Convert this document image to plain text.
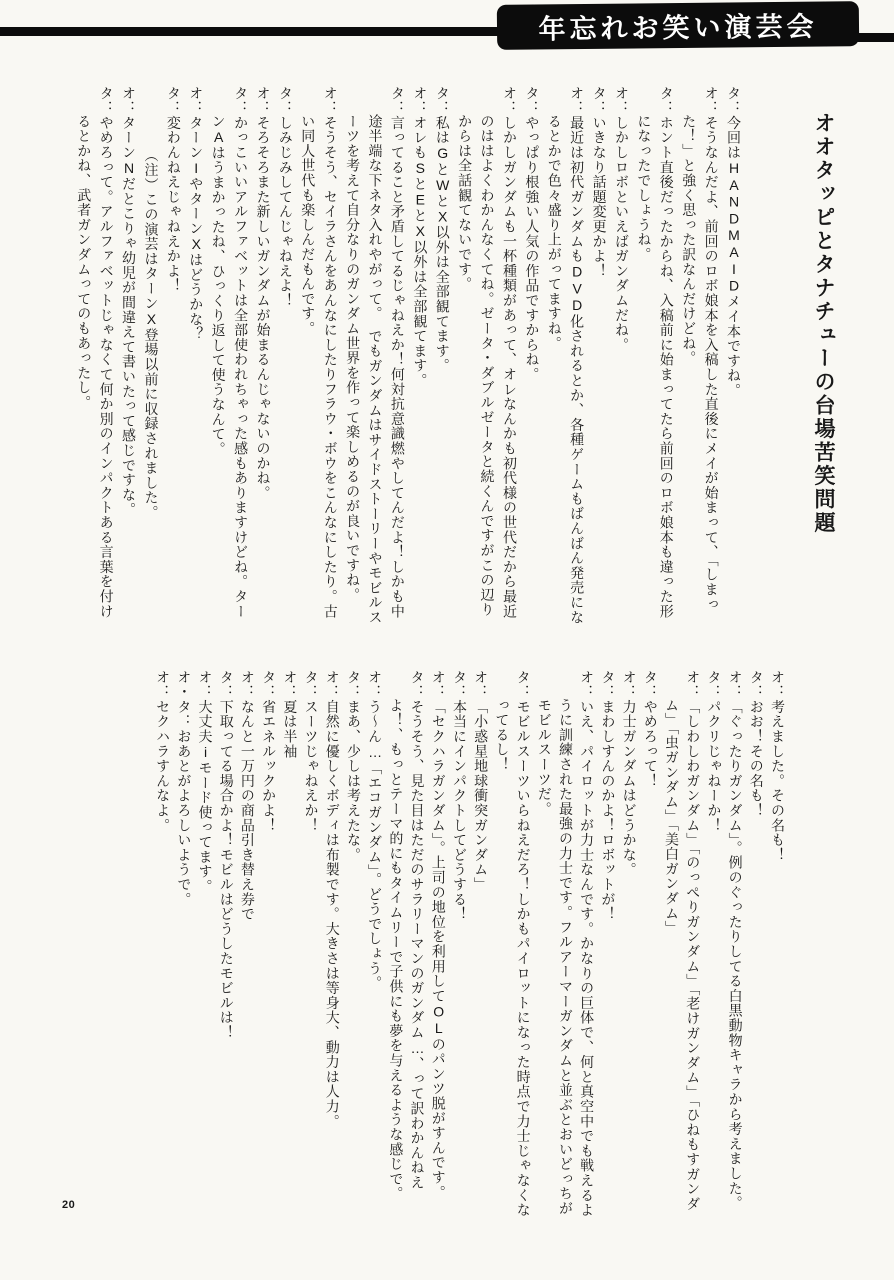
年忘れお笑い演芸会
オオタッピとタナチューの台場苦笑問題

タ：今回はHANDMAIDメイ本ですね。

オ：そうなんだよ、前回のロボ娘本を入稿した直後にメイが始まって、「しまった！」と強く思った訳なんだけどね。

タ：ホント直後だったからね、入稿前に始まってたら前回のロボ娘本も違った形になったでしょうね。

オ：しかしロボといえばガンダムだね。

タ：いきなり話題変更かよ！

オ：最近は初代ガンダムもDVD化されるとか、各種ゲームもばんばん発売になるとかで色々盛り上がってますね。

タ：やっぱり根強い人気の作品ですからね。

オ：しかしガンダムも一杯種類があって、オレなんかも初代様の世代だから最近のははよくわかんなくてね。ゼータ・ダブルゼータと続くんですがこの辺りからは全話観てないです。

タ：私はGとWとX以外は全部観てます。

オ：オレもSとEとX以外は全部観てます。

タ：言ってること矛盾してるじゃねえか！何対抗意識燃やしてんだよ！しかも中途半端な下ネタ入れやがって。　でもガンダムはサイドストーリーやモビルスーツを考えて自分なりのガンダム世界を作って楽しめるのが良いですね。

オ：そうそう、セイラさんをあんなにしたりフラウ・ボウをこんなにしたり。古い同人世代も楽しんだもんです。

タ：しみじみしてんじゃねえよ！

オ：そろそろまた新しいガンダムが始まるんじゃないのかね。

タ：かっこいいアルファベットは全部使われちゃった感もありますけどね。ターンAはうまかったね、ひっくり返して使うなんて。

オ：ターンIやターンXはどうかな？

タ：変わんねえじゃねえかよ！

（注）この演芸はターンX登場以前に収録されました。

オ：ターンNだとこりゃ幼児が間違えて書いたって感じですな。

タ：やめろって。アルファベットじゃなくて何か別のインパクトある言葉を付けるとかね、武者ガンダムってのもあったし。

オ：考えました。その名も！

タ：おお！その名も！

オ：「ぐったりガンダム」。例のぐったりしてる白黒動物キャラから考えました。

タ：パクリじゃねーか！

オ：「しわしわガンダム」「のっぺりガンダム」「老けガンダム」「ひねもすガンダム」「虫ガンダム」「美白ガンダム」

タ：やめろって！

オ：力士ガンダムはどうかな。

タ：まわしすんのかよ！ロボットが！

オ：いえ、パイロットが力士なんです。かなりの巨体で、何と真空中でも戦えるように訓練された最強の力士です。フルアーマーガンダムと並ぶとおいどっちがモビルスーツだ。

タ：モビルスーツいらねえだろ！しかもパイロットになった時点で力士じゃなくなってるし！

オ：「小惑星地球衝突ガンダム」

タ：本当にインパクトしてどうする！

オ：「セクハラガンダム」。上司の地位を利用してOLのパンツ脱がすんです。

タ：そうそう、見た目はただのサラリーマンのガンダム…、って訳わかんねえよ！、もっとテーマ的にもタイムリーで子供にも夢を与えるような感じで。

オ：う～ん…「エコガンダム」。どうでしょう。

タ：まあ、少しは考えたな。

オ：自然に優しくボディは布製です。大きさは等身大、動力は人力。

タ：スーツじゃねえか！

オ：夏は半袖

タ：省エネルックかよ！

オ：なんと一万円の商品引き替え券で

タ：下取ってる場合かよ！モビルはどうしたモビルは！

オ：大丈夫iモード使ってます。

オ・タ：おあとがよろしいようで。

オ：セクハラすんなよ。

20
